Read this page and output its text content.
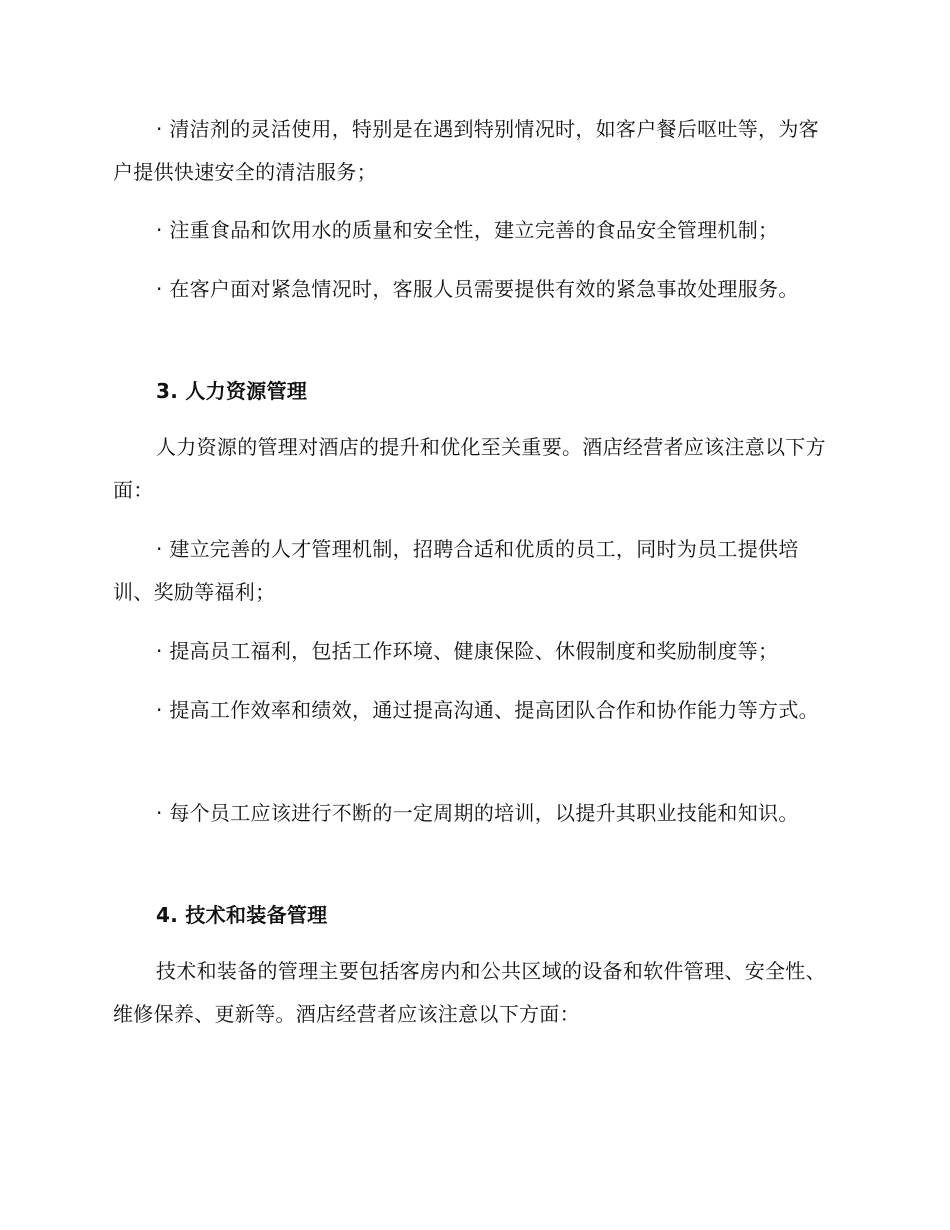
· 清洁剂的灵活使用，特别是在遇到特别情况时，如客户餐后呕吐等，为客户提供快速安全的清洁服务；

· 注重食品和饮用水的质量和安全性，建立完善的食品安全管理机制；

· 在客户面对紧急情况时，客服人员需要提供有效的紧急事故处理服务。

3. 人力资源管理

人力资源的管理对酒店的提升和优化至关重要。酒店经营者应该注意以下方面：

· 建立完善的人才管理机制，招聘合适和优质的员工，同时为员工提供培训、奖励等福利；

· 提高员工福利，包括工作环境、健康保险、休假制度和奖励制度等；

· 提高工作效率和绩效，通过提高沟通、提高团队合作和协作能力等方式。

· 每个员工应该进行不断的一定周期的培训，以提升其职业技能和知识。

4. 技术和装备管理

技术和装备的管理主要包括客房内和公共区域的设备和软件管理、安全性、维修保养、更新等。酒店经营者应该注意以下方面：
